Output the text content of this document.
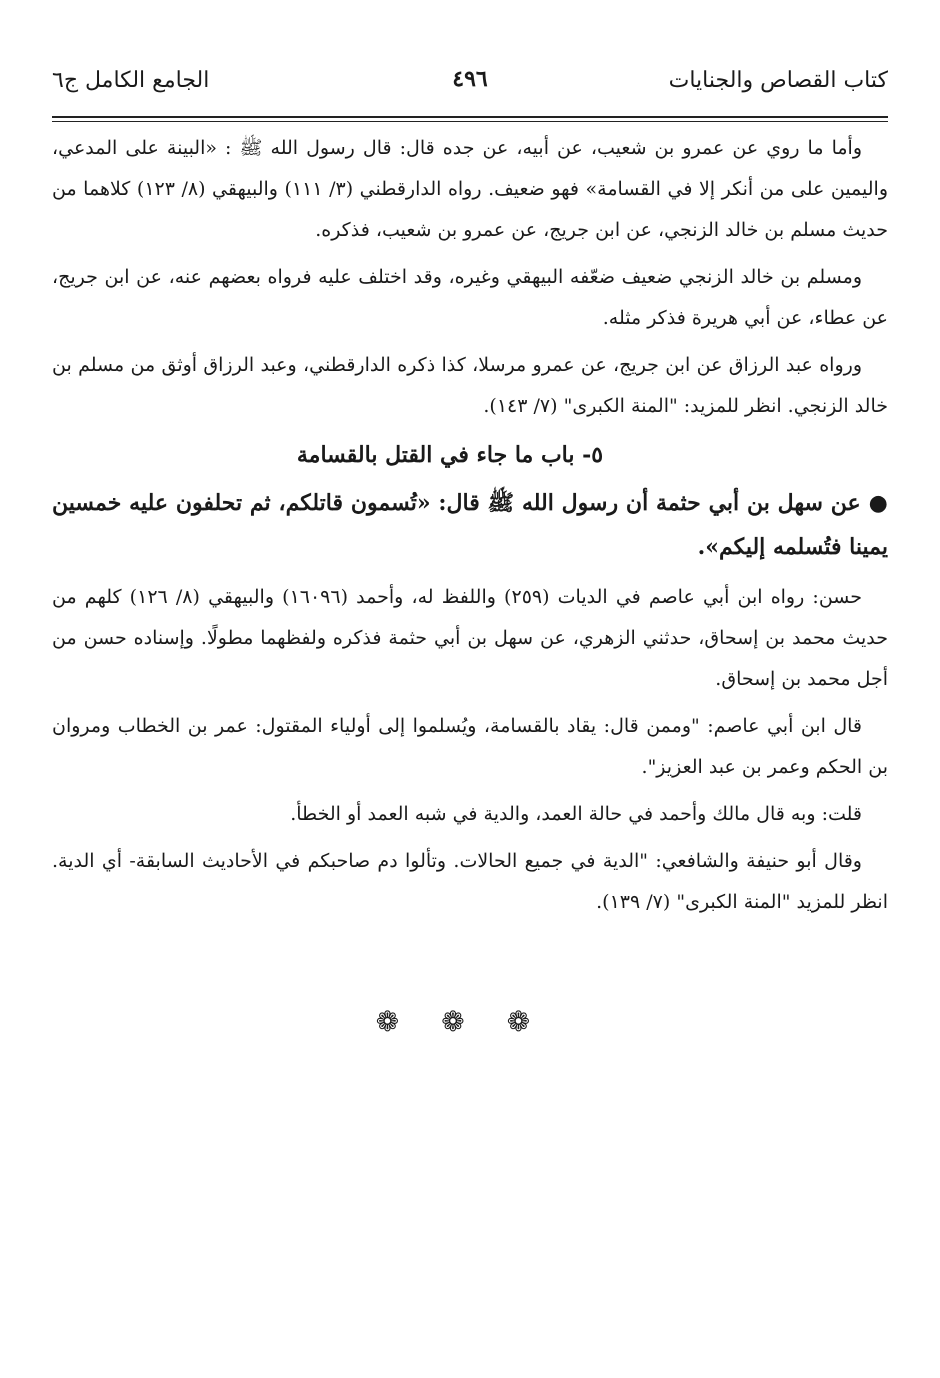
كتاب القصاص والجنايات
٤٩٦
الجامع الكامل ج٦

وأما ما روي عن عمرو بن شعيب، عن أبيه، عن جده قال: قال رسول الله ﷺ : «البينة على المدعي، واليمين على من أنكر إلا في القسامة» فهو ضعيف. رواه الدارقطني (٣/ ١١١) والبيهقي (٨/ ١٢٣) كلاهما من حديث مسلم بن خالد الزنجي، عن ابن جريج، عن عمرو بن شعيب، فذكره.

ومسلم بن خالد الزنجي ضعيف ضعّفه البيهقي وغيره، وقد اختلف عليه فرواه بعضهم عنه، عن ابن جريج، عن عطاء، عن أبي هريرة فذكر مثله.

ورواه عبد الرزاق عن ابن جريج، عن عمرو مرسلا، كذا ذكره الدارقطني، وعبد الرزاق أوثق من مسلم بن خالد الزنجي. انظر للمزيد: "المنة الكبرى" (٧/ ١٤٣).

٥- باب ما جاء في القتل بالقسامة

●عن سهل بن أبي حثمة أن رسول الله ﷺ قال: «تُسمون قاتلكم، ثم تحلفون عليه خمسين يمينا فتُسلمه إليكم».

حسن: رواه ابن أبي عاصم في الديات (٢٥٩) واللفظ له، وأحمد (١٦٠٩٦) والبيهقي (٨/ ١٢٦) كلهم من حديث محمد بن إسحاق، حدثني الزهري، عن سهل بن أبي حثمة فذكره ولفظهما مطولًا. وإسناده حسن من أجل محمد بن إسحاق.

قال ابن أبي عاصم: "وممن قال: يقاد بالقسامة، ويُسلموا إلى أولياء المقتول: عمر بن الخطاب ومروان بن الحكم وعمر بن عبد العزيز".

قلت: وبه قال مالك وأحمد في حالة العمد، والدية في شبه العمد أو الخطأ.

وقال أبو حنيفة والشافعي: "الدية في جميع الحالات. وتألوا دم صاحبكم في الأحاديث السابقة- أي الدية. انظر للمزيد "المنة الكبرى" (٧/ ١٣٩).

❁ ❁ ❁
